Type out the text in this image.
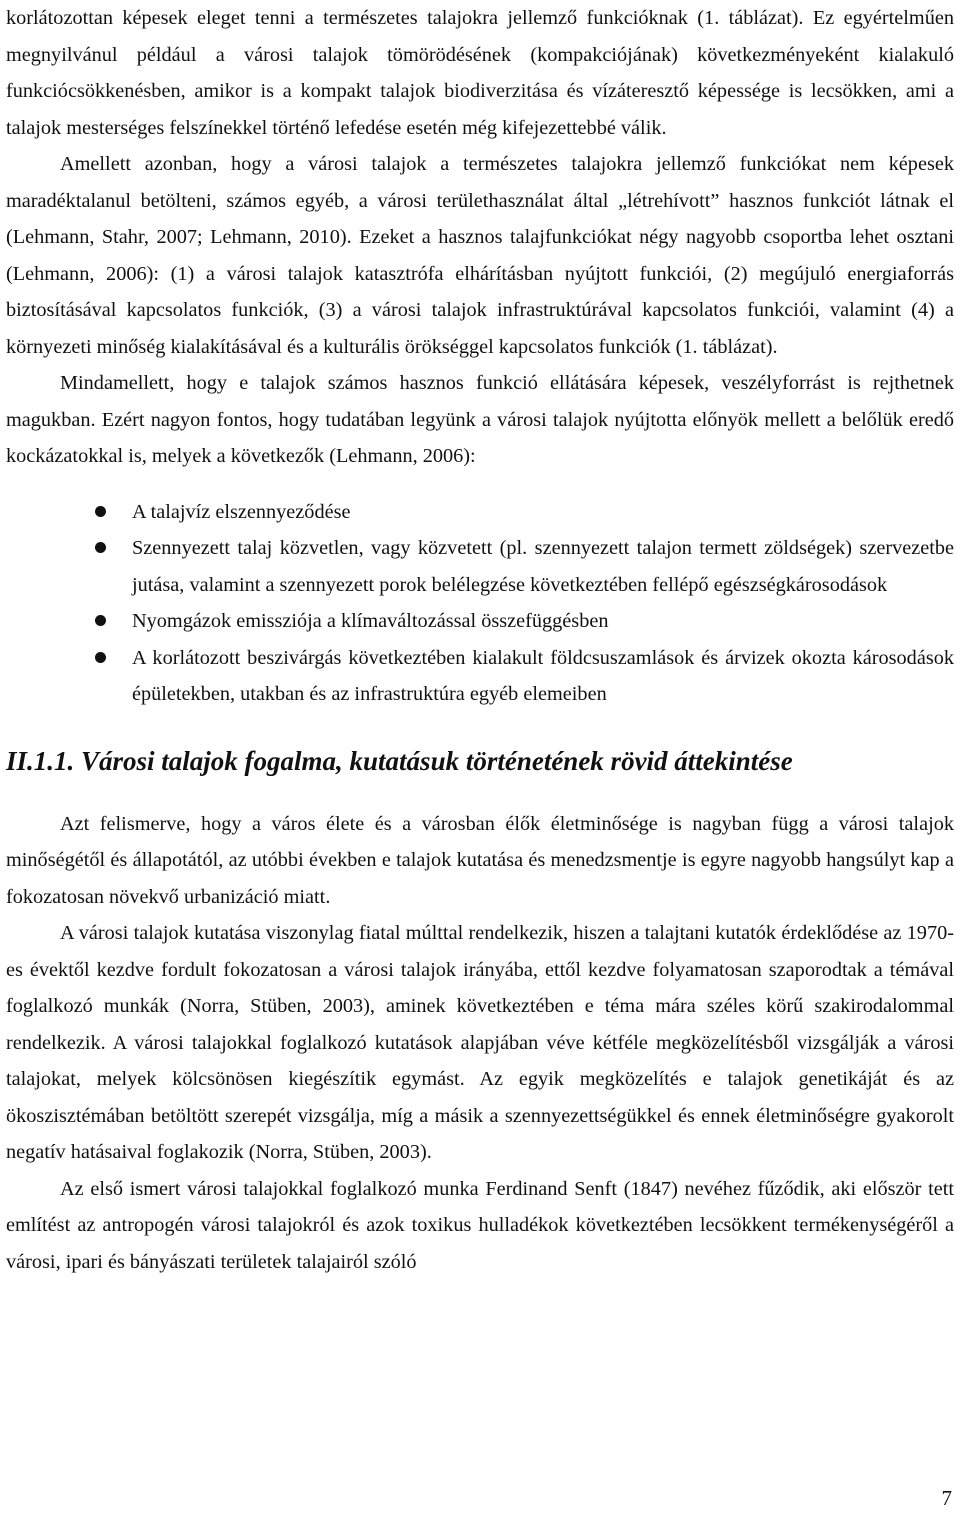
korlátozottan képesek eleget tenni a természetes talajokra jellemző funkcióknak (1. táblázat). Ez egyértelműen megnyilvánul például a városi talajok tömörödésének (kompakciójának) következményeként kialakuló funkciócsökkenésben, amikor is a kompakt talajok biodiverzitása és vízáteresztő képessége is lecsökken, ami a talajok mesterséges felszínekkel történő lefedése esetén még kifejezettebbé válik.

Amellett azonban, hogy a városi talajok a természetes talajokra jellemző funkciókat nem képesek maradéktalanul betölteni, számos egyéb, a városi területhasználat által „létrehívott” hasznos funkciót látnak el (Lehmann, Stahr, 2007; Lehmann, 2010). Ezeket a hasznos talajfunkciókat négy nagyobb csoportba lehet osztani (Lehmann, 2006): (1) a városi talajok katasztrófa elhárításban nyújtott funkciói, (2) megújuló energiaforrás biztosításával kapcsolatos funkciók, (3) a városi talajok infrastruktúrával kapcsolatos funkciói, valamint (4) a környezeti minőség kialakításával és a kulturális örökséggel kapcsolatos funkciók (1. táblázat).

Mindamellett, hogy e talajok számos hasznos funkció ellátására képesek, veszélyforrást is rejthetnek magukban. Ezért nagyon fontos, hogy tudatában legyünk a városi talajok nyújtotta előnyök mellett a belőlük eredő kockázatokkal is, melyek a következők (Lehmann, 2006):

A talajvíz elszennyeződése
Szennyezett talaj közvetlen, vagy közvetett (pl. szennyezett talajon termett zöldségek) szervezetbe jutása, valamint a szennyezett porok belélegzése következtében fellépő egészségkárosodások
Nyomgázok emissziója a klímaváltozással összefüggésben
A korlátozott beszivárgás következtében kialakult földcsuszamlások és árvizek okozta károsodások épületekben, utakban és az infrastruktúra egyéb elemeiben
II.1.1. Városi talajok fogalma, kutatásuk történetének rövid áttekintése

Azt felismerve, hogy a város élete és a városban élők életminősége is nagyban függ a városi talajok minőségétől és állapotától, az utóbbi években e talajok kutatása és menedzsmentje is egyre nagyobb hangsúlyt kap a fokozatosan növekvő urbanizáció miatt.

A városi talajok kutatása viszonylag fiatal múlttal rendelkezik, hiszen a talajtani kutatók érdeklődése az 1970-es évektől kezdve fordult fokozatosan a városi talajok irányába, ettől kezdve folyamatosan szaporodtak a témával foglalkozó munkák (Norra, Stüben, 2003), aminek következtében e téma mára széles körű szakirodalommal rendelkezik. A városi talajokkal foglalkozó kutatások alapjában véve kétféle megközelítésből vizsgálják a városi talajokat, melyek kölcsönösen kiegészítik egymást. Az egyik megközelítés e talajok genetikáját és az ökoszisztémában betöltött szerepét vizsgálja, míg a másik a szennyezettségükkel és ennek életminőségre gyakorolt negatív hatásaival foglakozik (Norra, Stüben, 2003).

Az első ismert városi talajokkal foglalkozó munka Ferdinand Senft (1847) nevéhez fűződik, aki először tett említést az antropogén városi talajokról és azok toxikus hulladékok következtében lecsökkent termékenységéről a városi, ipari és bányászati területek talajairól szóló

7
